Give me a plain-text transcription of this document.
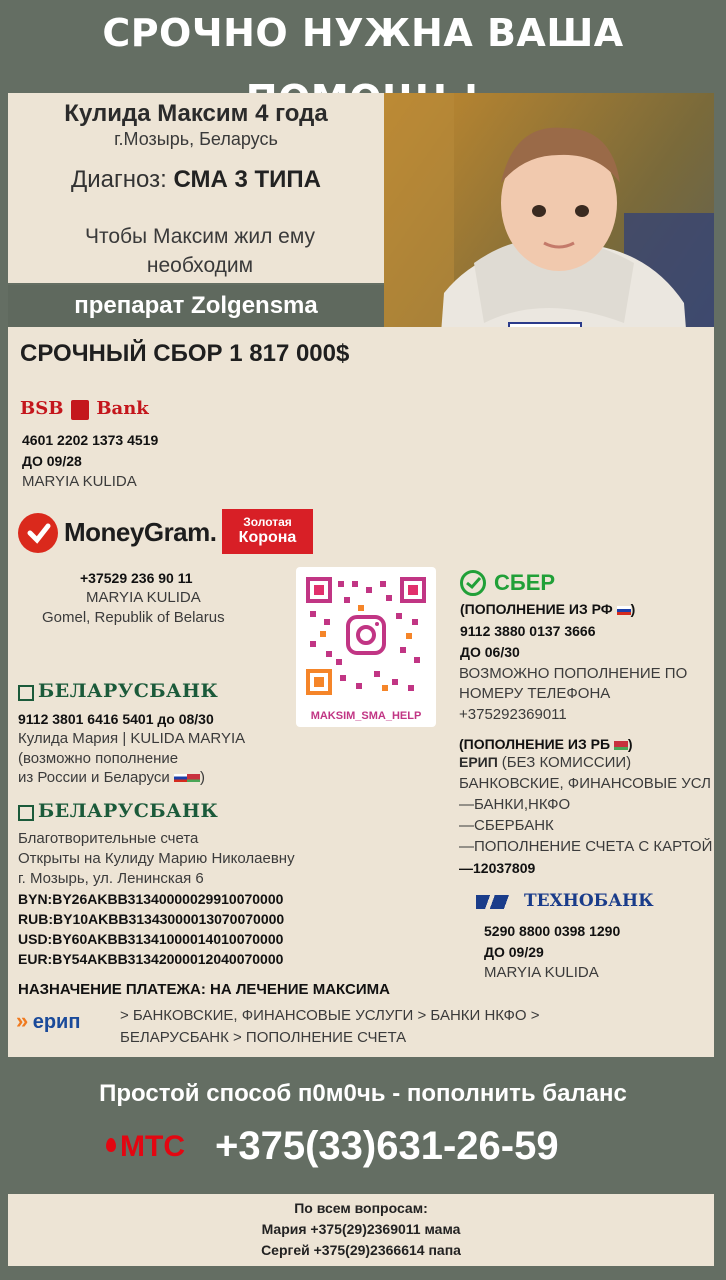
СРОЧНО НУЖНА ВАША
Кулида Максим 4 года
г.Мозырь, Беларусь
Диагноз: СМА 3 ТИПА
Чтобы Максим жил ему
необходим
препарат Zolgensma
СРОЧНЫЙ СБОР 1 817 000$
BSB Bank
4601 2202 1373 4519
ДО 09/28
MARYIA KULIDA
MoneyGram.	Золотая
Корона
+37529 236 90 11
MARYIA KULIDA
Gomel, Republik of Belarus
MAKSIM_SMA_HELP
СБЕР
(ПОПОЛНЕНИЕ ИЗ РФ )
9112 3880 0137 3666
ДО 06/30
ВОЗМОЖНО ПОПОЛНЕНИЕ ПО
НОМЕРУ ТЕЛЕФОНА
+375292369011
(ПОПОЛНЕНИЕ ИЗ РБ )
ЕРИП (БЕЗ КОМИССИИ)
БАНКОВСКИЕ, ФИНАНСОВЫЕ УСЛ
—БАНКИ,НКФО
—СБЕРБАНК
—ПОПОЛНЕНИЕ СЧЕТА С КАРТОЙ
—12037809
БЕЛАРУСБАНК
9112 3801 6416 5401 до 08/30
Кулида Мария | KULIDA MARYIA
(возможно пополнение
из России и Беларуси )
БЕЛАРУСБАНК
Благотворительные счета
Открыты на Кулиду Марию Николаевну
г. Мозырь, ул. Ленинская 6
BYN:BY26AKBB31340000029910070000
RUB:BY10AKBB31343000013070070000
USD:BY60AKBB31341000014010070000
EUR:BY54AKBB31342000012040070000
ТЕХНОБАНК
5290 8800 0398 1290
ДО 09/29
MARYIA KULIDA
НАЗНАЧЕНИЕ ПЛАТЕЖА: НА ЛЕЧЕНИЕ МАКСИМА
» ерип	> БАНКОВСКИЕ, ФИНАНСОВЫЕ УСЛУГИ > БАНКИ НКФО >
БЕЛАРУСБАНК > ПОПОЛНЕНИЕ СЧЕТА
Простой способ п0м0чь - пополнить баланс
МТС +375(33)631-26-59
По всем вопросам:
Мария +375(29)2369011 мама
Сергей +375(29)2366614 папа
